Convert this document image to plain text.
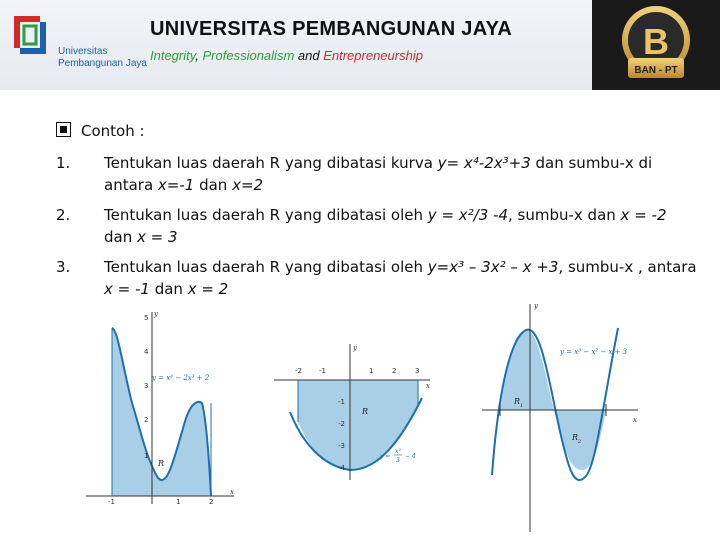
Universitas
Pembangunan Jaya
UNIVERSITAS PEMBANGUNAN JAYA
Integrity, Professionalism and Entrepreneurship	B
BAN - PT
Contoh :
1. Tentukan luas daerah R yang dibatasi kurva y= x⁴-2x³+3 dan sumbu-x di antara x=-1 dan x=2
2. Tentukan luas daerah R yang dibatasi oleh y = x²/3 -4, sumbu-x dan x = -2 dan x = 3
3. Tentukan luas daerah R yang dibatasi oleh y=x³ – 3x² – x +3, sumbu-x , antara x = -1 dan x = 2
5
4
3
2
1
-1	1	2
x
y
y = x⁴ − 2x³ + 2
R
-2 -1	1	2	3
-1
-2
-3
-4
x
y
R
y =
x²
3
− 4
x
y
y = x³ − x² − x + 3
R 1
R 2
